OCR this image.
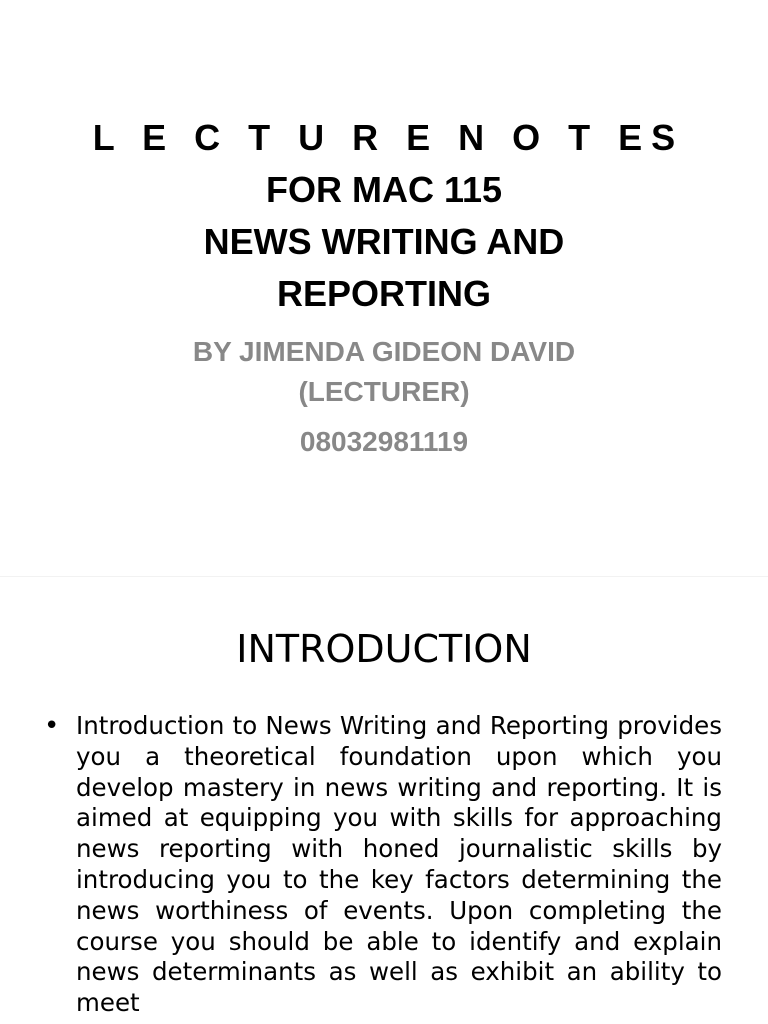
L E C T U R E N O T ES
FOR MAC 115
NEWS WRITING AND
REPORTING
BY JIMENDA GIDEON DAVID
(LECTURER)
08032981119
INTRODUCTION
• Introduction to News Writing and Reporting provides you a theoretical foundation upon which you develop mastery in news writing and reporting. It is aimed at equipping you with skills for approaching news reporting with honed journalistic skills by introducing you to the key factors determining the news worthiness of events. Upon completing the course you should be able to identify and explain news determinants as well as exhibit an ability to meet
